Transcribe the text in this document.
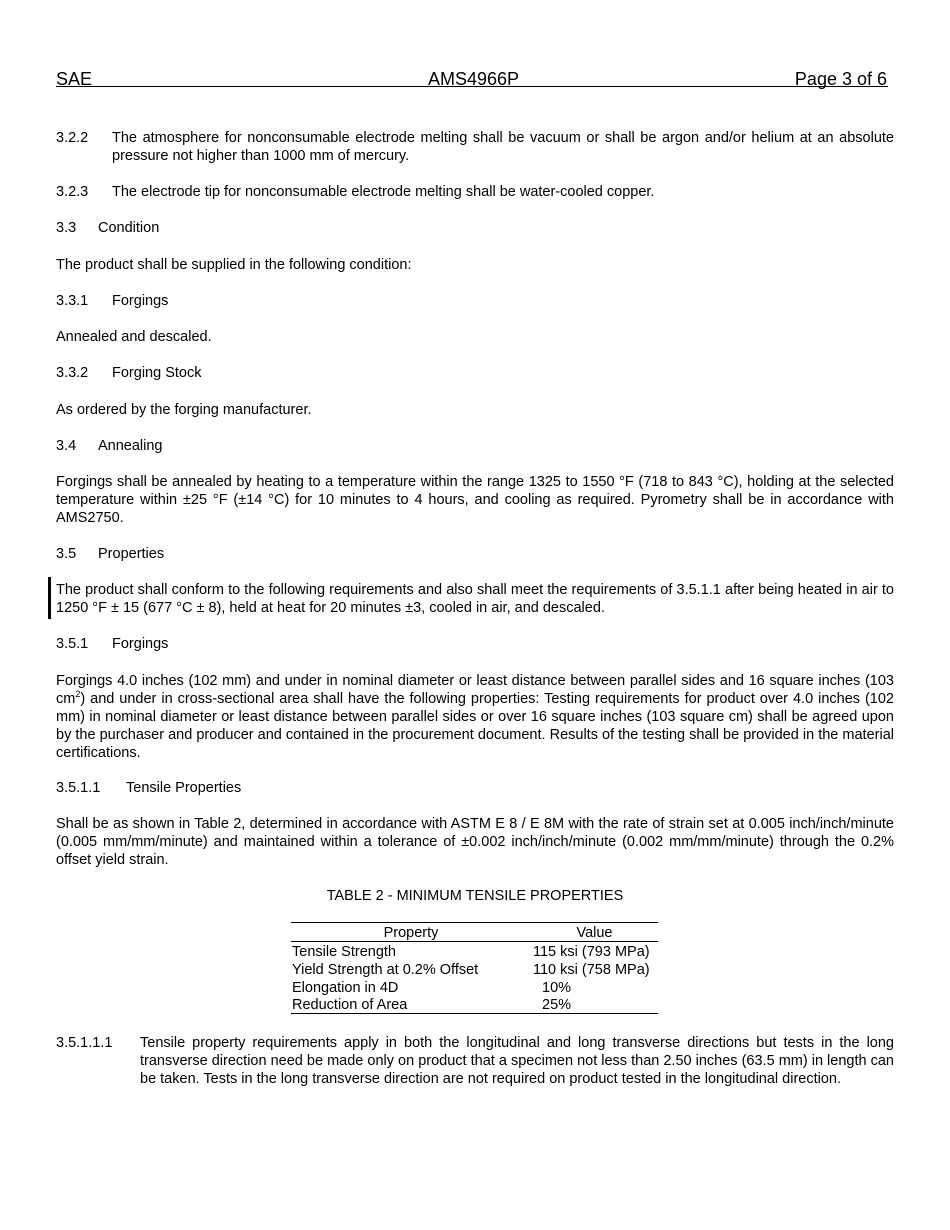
SAE	AMS4966P	Page 3 of 6
3.2.2 The atmosphere for nonconsumable electrode melting shall be vacuum or shall be argon and/or helium at an absolute pressure not higher than 1000 mm of mercury.
3.2.3 The electrode tip for nonconsumable electrode melting shall be water-cooled copper.
3.3 Condition
The product shall be supplied in the following condition:
3.3.1 Forgings
Annealed and descaled.
3.3.2 Forging Stock
As ordered by the forging manufacturer.
3.4 Annealing
Forgings shall be annealed by heating to a temperature within the range 1325 to 1550 °F (718 to 843 °C), holding at the selected temperature within ±25 °F (±14 °C) for 10 minutes to 4 hours, and cooling as required. Pyrometry shall be in accordance with AMS2750.
3.5 Properties
The product shall conform to the following requirements and also shall meet the requirements of 3.5.1.1 after being heated in air to 1250 °F ± 15 (677 °C ± 8), held at heat for 20 minutes ±3, cooled in air, and descaled.
3.5.1 Forgings
Forgings 4.0 inches (102 mm) and under in nominal diameter or least distance between parallel sides and 16 square inches (103 $cm^2$) and under in cross-sectional area shall have the following properties: Testing requirements for product over 4.0 inches (102 mm) in nominal diameter or least distance between parallel sides or over 16 square inches (103 square cm) shall be agreed upon by the purchaser and producer and contained in the procurement document. Results of the testing shall be provided in the material certifications.
3.5.1.1 Tensile Properties
Shall be as shown in Table 2, determined in accordance with ASTM E 8 / E 8M with the rate of strain set at 0.005 inch/inch/minute (0.005 mm/mm/minute) and maintained within a tolerance of ±0.002 inch/inch/minute (0.002 mm/mm/minute) through the 0.2% offset yield strain.
TABLE 2 - MINIMUM TENSILE PROPERTIES
Property	Value
Tensile Strength	115 ksi (793 MPa)
Yield Strength at 0.2% Offset	110 ksi (758 MPa)
Elongation in 4D	10%
Reduction of Area	25%
3.5.1.1.1 Tensile property requirements apply in both the longitudinal and long transverse directions but tests in the long transverse direction need be made only on product that a specimen not less than 2.50 inches (63.5 mm) in length can be taken. Tests in the long transverse direction are not required on product tested in the longitudinal direction.
